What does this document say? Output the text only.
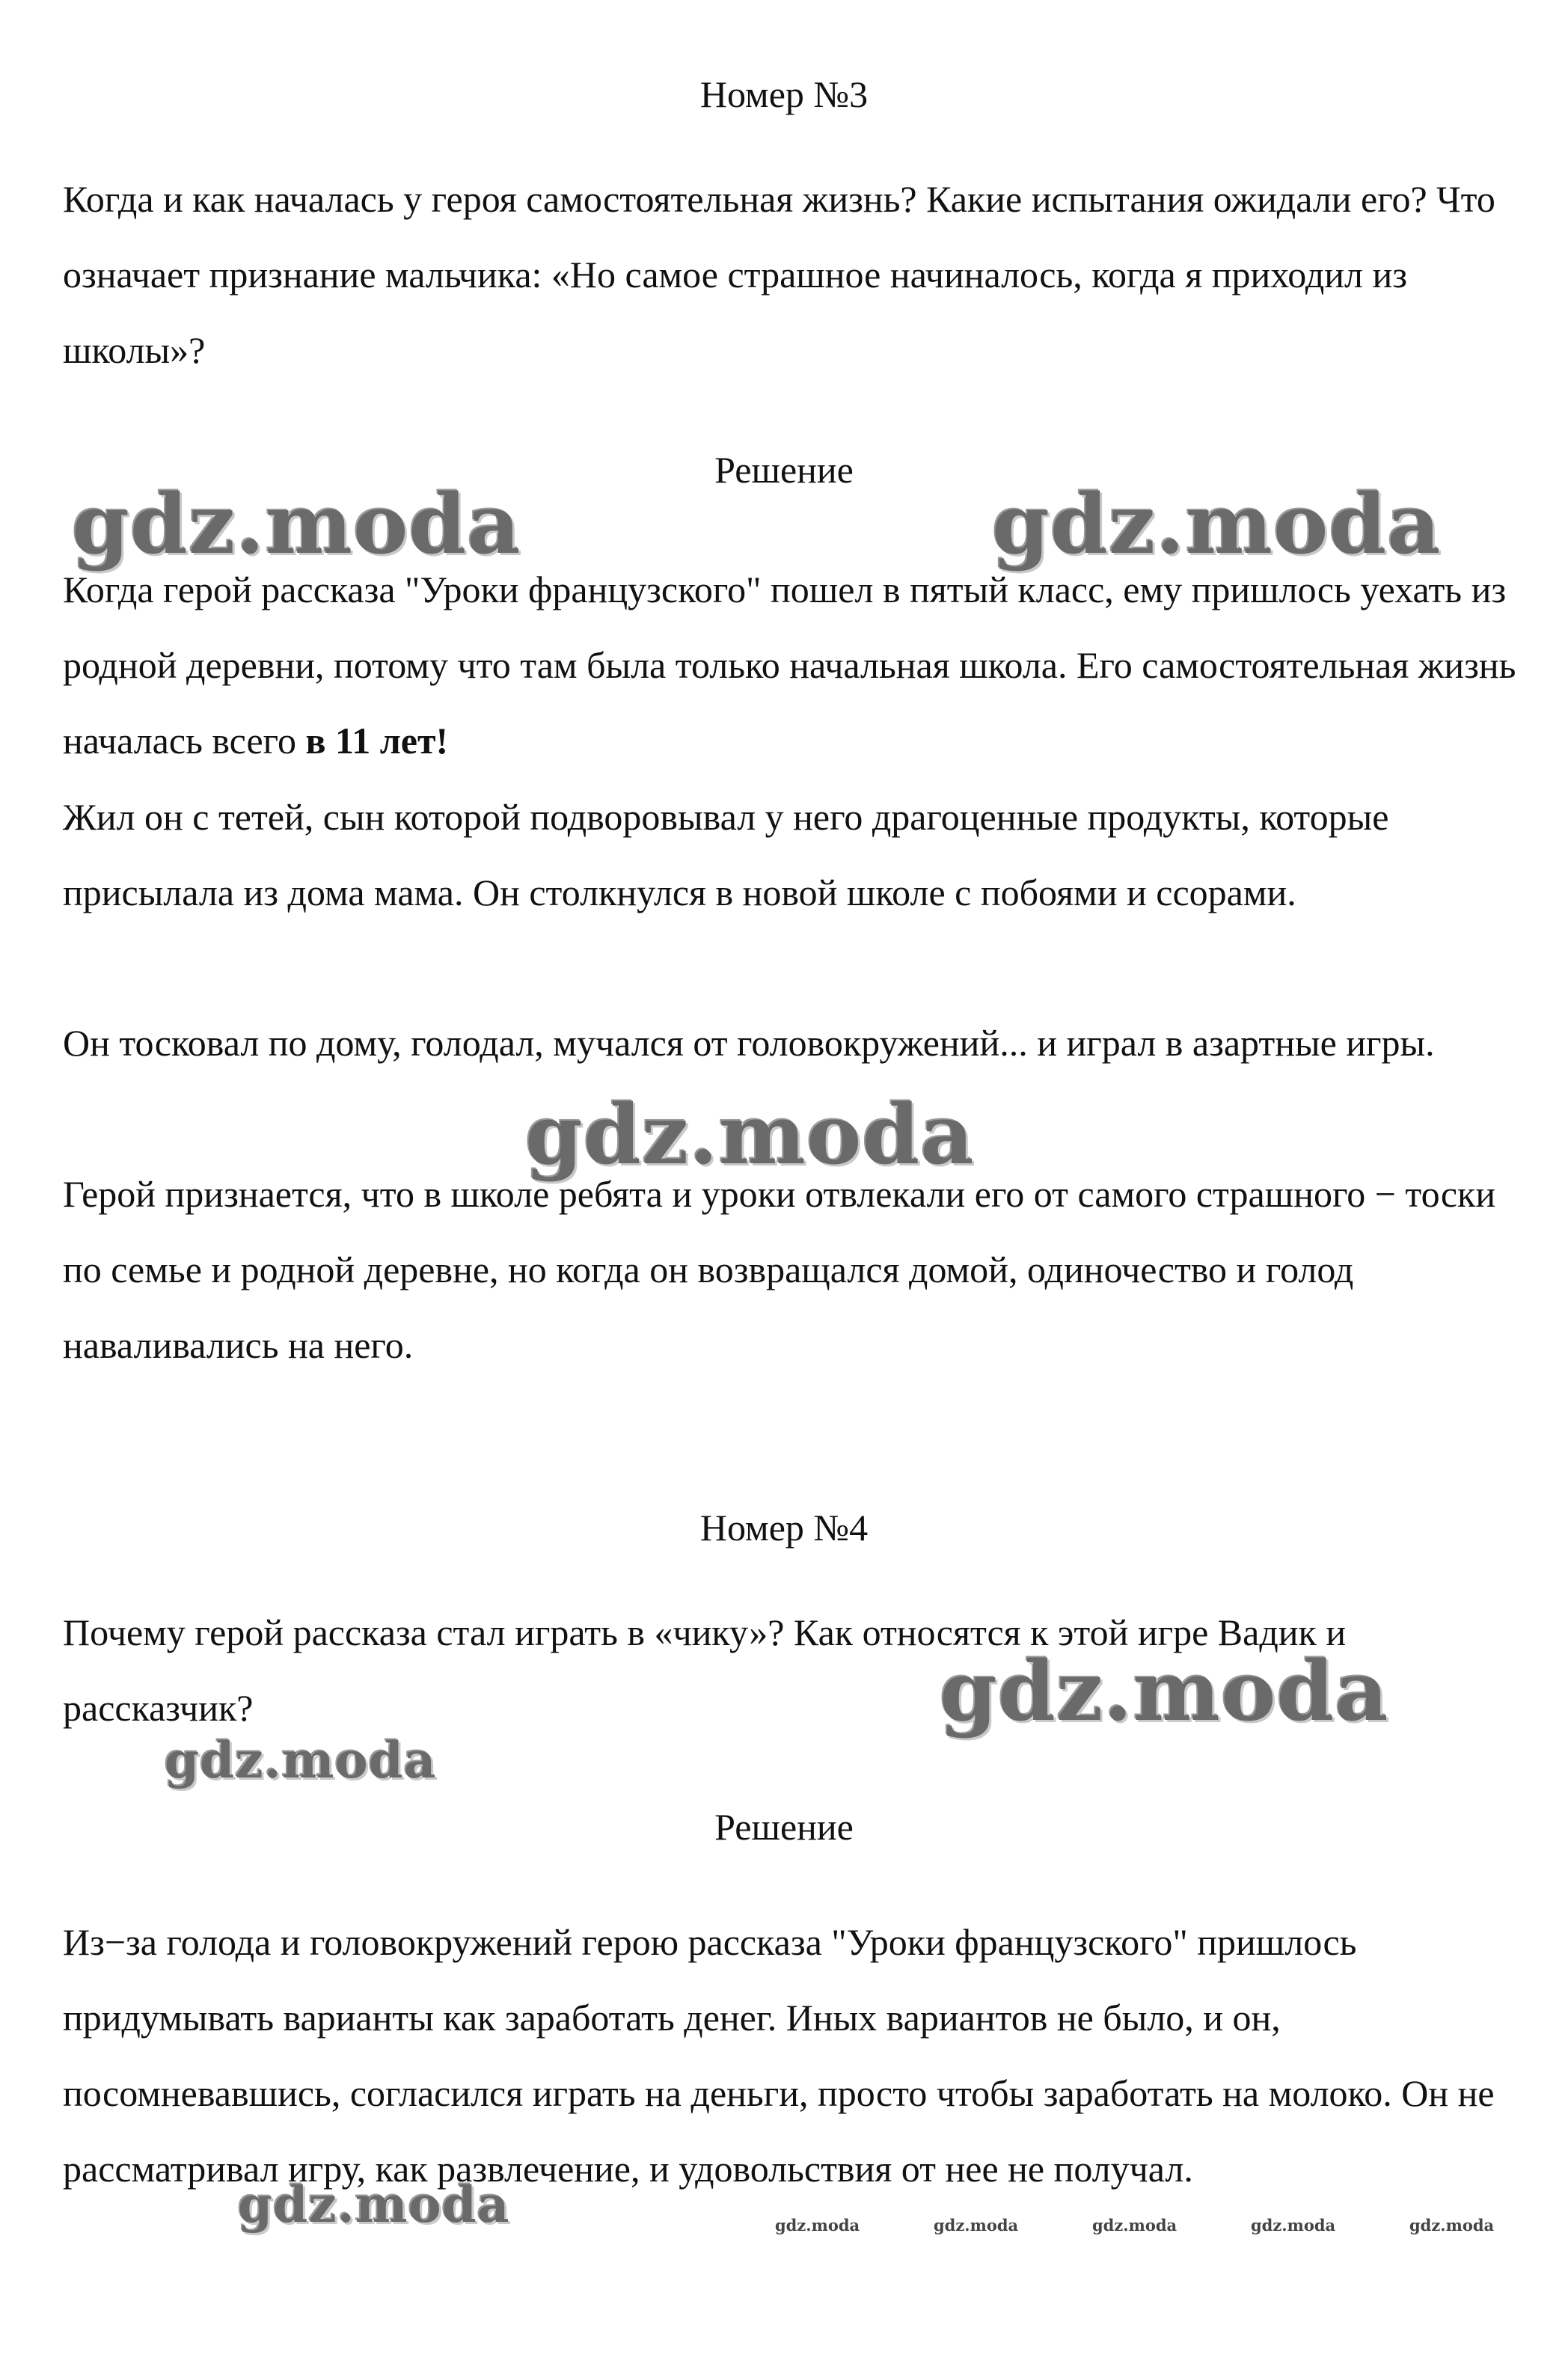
Номер №3

Когда и как началась у героя самостоятельная жизнь? Какие испытания ожидали его? Что означает признание мальчика: «Но самое страшное начиналось, когда я приходил из школы»?

Решение

Когда герой рассказа "Уроки французского" пошел в пятый класс, ему пришлось уехать из родной деревни, потому что там была только начальная школа. Его самостоятельная жизнь началась всего в 11 лет!

Жил он с тетей, сын которой подворовывал у него драгоценные продукты, которые присылала из дома мама. Он столкнулся в новой школе с побоями и ссорами.

Он тосковал по дому, голодал, мучался от головокружений... и играл в азартные игры.

Герой признается, что в школе ребята и уроки отвлекали его от самого страшного − тоски по семье и родной деревне, но когда он возвращался домой, одиночество и голод наваливались на него.

Номер №4

Почему герой рассказа стал играть в «чику»? Как относятся к этой игре Вадик и рассказчик?

Решение

Из−за голода и головокружений герою рассказа "Уроки французского" пришлось придумывать варианты как заработать денег. Иных вариантов не было, и он, посомневавшись, согласился играть на деньги, просто чтобы заработать на молоко. Он не рассматривал игру, как развлечение, и удовольствия от нее не получал.

gdz.moda	gdz.moda
gdz.moda
gdz.moda
gdz.moda
gdz.moda	gdz.moda	gdz.moda	gdz.moda	gdz.moda	gdz.moda
